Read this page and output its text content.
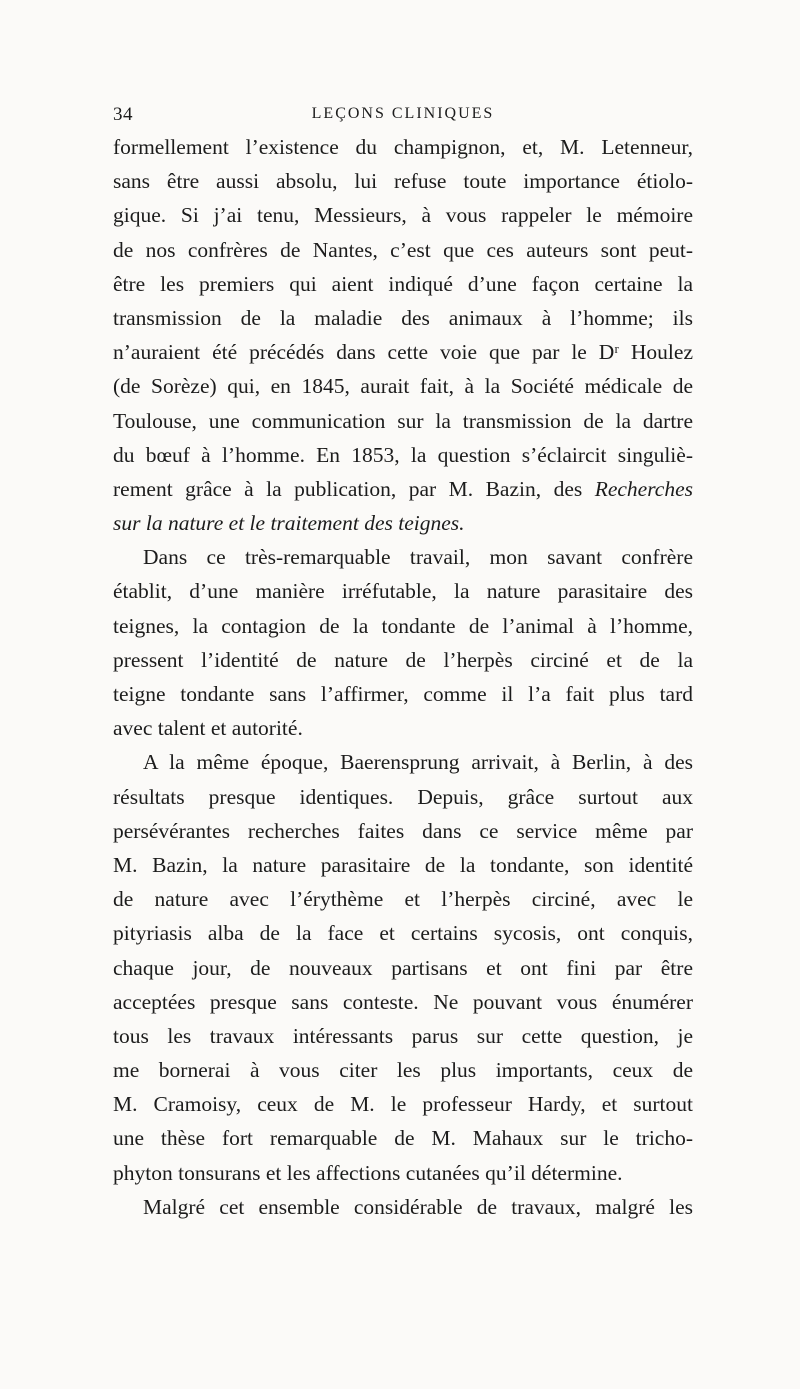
34	LEÇONS CLINIQUES
formellement l’existence du champignon, et, M. Letenneur,
sans être aussi absolu, lui refuse toute importance étiolo-
gique. Si j’ai tenu, Messieurs, à vous rappeler le mémoire
de nos confrères de Nantes, c’est que ces auteurs sont peut-
être les premiers qui aient indiqué d’une façon certaine la
transmission de la maladie des animaux à l’homme; ils
n’auraient été précédés dans cette voie que par le Dʳ Houlez
(de Sorèze) qui, en 1845, aurait fait, à la Société médicale de
Toulouse, une communication sur la transmission de la dartre
du bœuf à l’homme. En 1853, la question s’éclaircit singuliè-
rement grâce à la publication, par M. Bazin, des Recherches
sur la nature et le traitement des teignes.
Dans ce très-remarquable travail, mon savant confrère
établit, d’une manière irréfutable, la nature parasitaire des
teignes, la contagion de la tondante de l’animal à l’homme,
pressent l’identité de nature de l’herpès circiné et de la
teigne tondante sans l’affirmer, comme il l’a fait plus tard
avec talent et autorité.
A la même époque, Baerensprung arrivait, à Berlin, à des
résultats presque identiques. Depuis, grâce surtout aux
persévérantes recherches faites dans ce service même par
M. Bazin, la nature parasitaire de la tondante, son identité
de nature avec l’érythème et l’herpès circiné, avec le
pityriasis alba de la face et certains sycosis, ont conquis,
chaque jour, de nouveaux partisans et ont fini par être
acceptées presque sans conteste. Ne pouvant vous énumérer
tous les travaux intéressants parus sur cette question, je
me bornerai à vous citer les plus importants, ceux de
M. Cramoisy, ceux de M. le professeur Hardy, et surtout
une thèse fort remarquable de M. Mahaux sur le tricho-
phyton tonsurans et les affections cutanées qu’il détermine.
Malgré cet ensemble considérable de travaux, malgré les
